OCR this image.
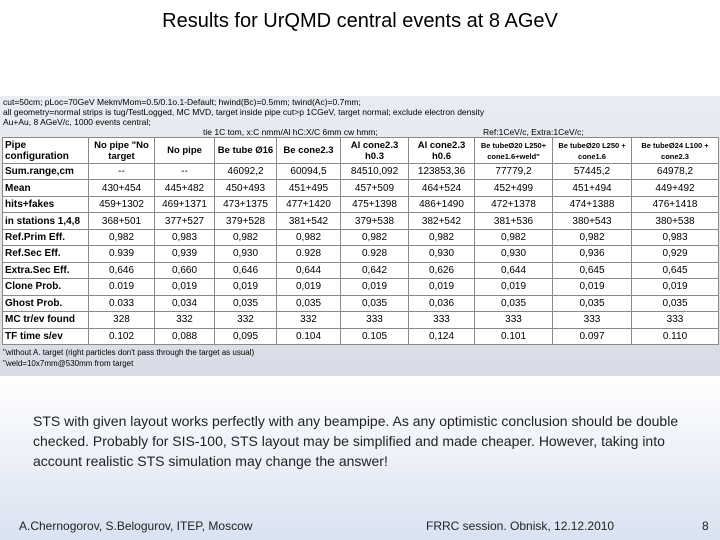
Results for UrQMD central events at 8 AGeV
cut=50cm; pLoc=70GeV Mekm/Mom=0.5/0.1o.1-Default; hwind(Bc)=0.5mm; twind(Ac)=0.7mm;
all geometry=normal strips is tug/TestLogged, MC MVD, target inside pipe cut>p 1CGeV, target normal; exclude electron density
Au+Au, 8 AGeV/c, 1000 events central;
tie 1C tom, x:C nmm/Al hC:X/C 6mm cw hmm;	Ref:1CeV/c, Extra:1CeV/c;
Pipe configuration	No pipe "No target	No pipe	Be tube Ø16	Be cone2.3	Al cone2.3 h0.3	Al cone2.3 h0.6	Be tubeØ20 L250+ cone1.6+weld"	Be tubeØ20 L250 + cone1.6	Be tubeØ24 L100 + cone2.3
Sum.range,cm	--	--	46092,2	60094,5	84510,092	123853,36	77779,2	57445,2	64978,2
Mean	430+454	445+482	450+493	451+495	457+509	464+524	452+499	451+494	449+492
hits+fakes	459+1302	469+1371	473+1375	477+1420	475+1398	486+1490	472+1378	474+1388	476+1418
in stations 1,4,8	368+501	377+527	379+528	381+542	379+538	382+542	381+536	380+543	380+538
Ref.Prim Eff.	0,982	0,983	0,982	0,982	0,982	0,982	0,982	0,982	0,983
Ref.Sec Eff.	0.939	0,939	0,930	0.928	0.928	0,930	0,930	0,936	0,929
Extra.Sec Eff.	0,646	0,660	0,646	0,644	0,642	0,626	0,644	0,645	0,645
Clone Prob.	0.019	0,019	0,019	0,019	0,019	0,019	0,019	0,019	0,019
Ghost Prob.	0.033	0,034	0,035	0,035	0,035	0,036	0,035	0,035	0,035
MC tr/ev found	328	332	332	332	333	333	333	333	333
TF time s/ev	0.102	0,088	0,095	0.104	0.105	0,124	0.101	0.097	0.110
"without A. target (right particles don't pass through the target as usual)
"weld=10x7mm@530mm from target
STS with given layout works perfectly with any beampipe. As any optimistic conclusion should be double checked. Probably for SIS-100, STS layout may be simplified and made cheaper. However, taking into account realistic STS simulation may change the answer!
A.Chernogorov, S.Belogurov, ITEP, Moscow	FRRC session. Obnisk, 12.12.2010	8
